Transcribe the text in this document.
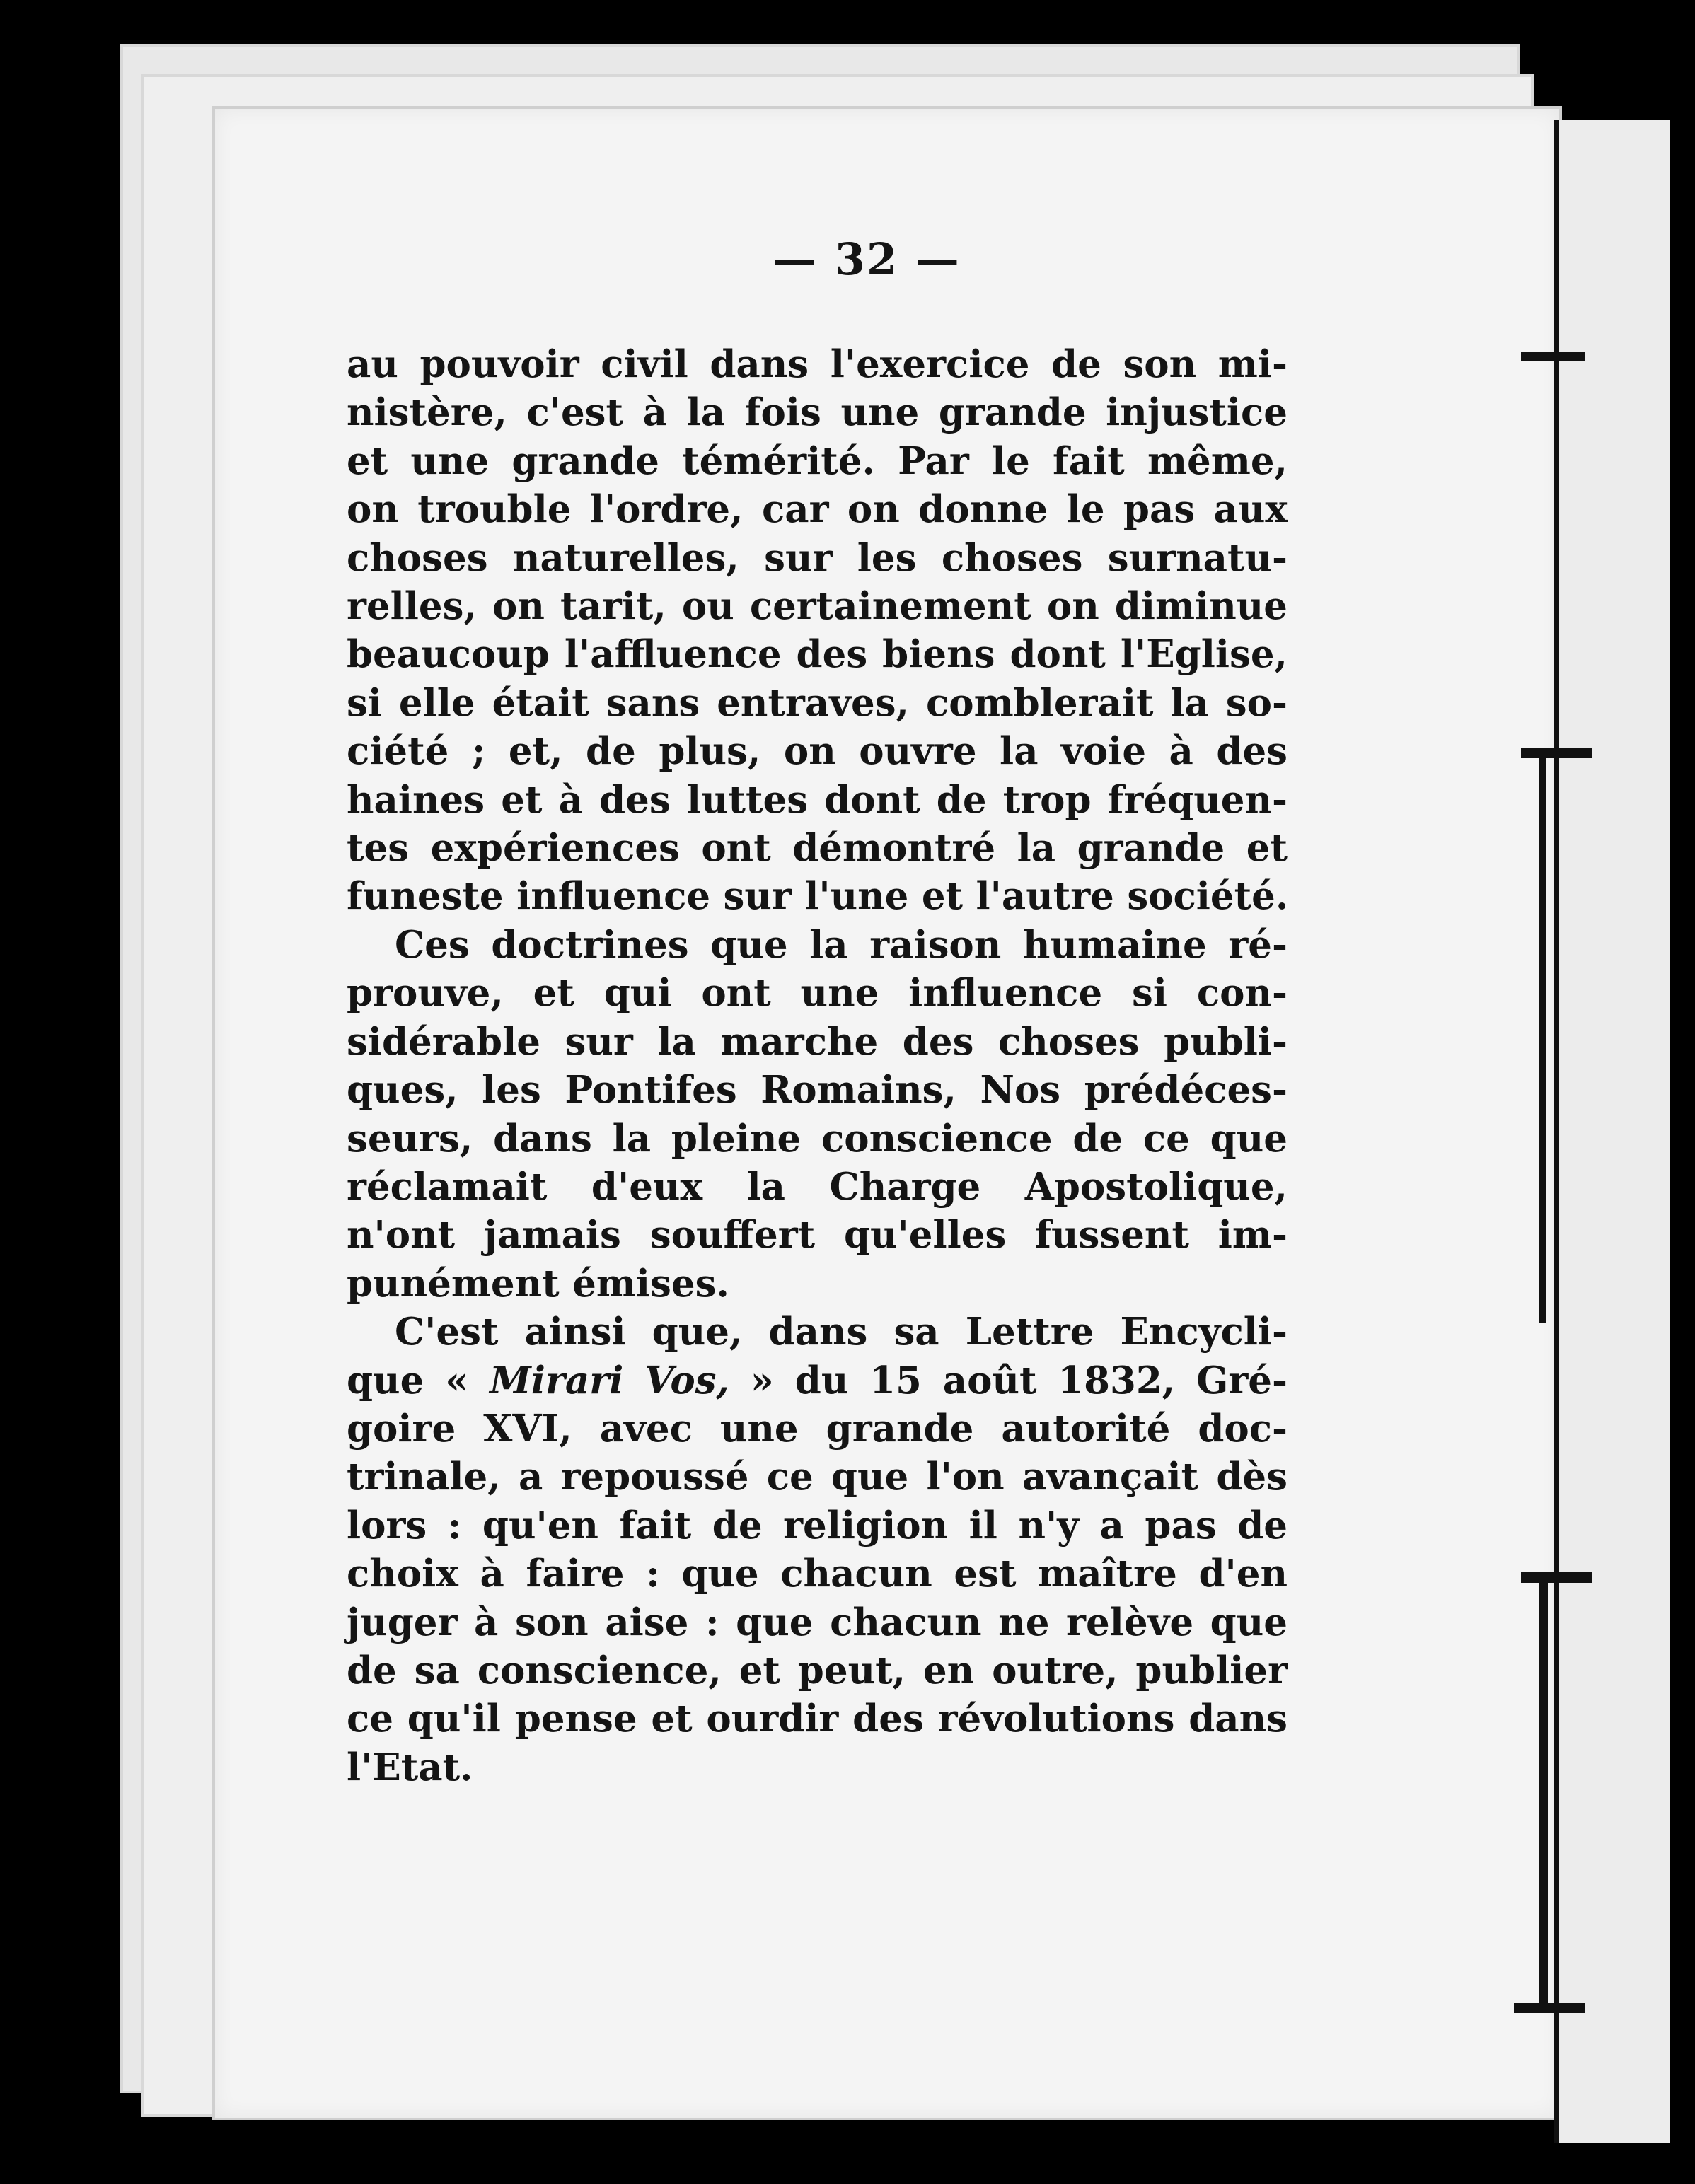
— 32 —

au pouvoir civil dans l'exercice de son mi-
nistère, c'est à la fois une grande injustice
et une grande témérité. Par le fait même,
on trouble l'ordre, car on donne le pas aux
choses naturelles, sur les choses surnatu-
relles, on tarit, ou certainement on diminue
beaucoup l'affluence des biens dont l'Eglise,
si elle était sans entraves, comblerait la so-
ciété ; et, de plus, on ouvre la voie à des
haines et à des luttes dont de trop fréquen-
tes expériences ont démontré la grande et
funeste influence sur l'une et l'autre société.

Ces doctrines que la raison humaine ré-
prouve, et qui ont une influence si con-
sidérable sur la marche des choses publi-
ques, les Pontifes Romains, Nos prédéces-
seurs, dans la pleine conscience de ce que
réclamait d'eux la Charge Apostolique,
n'ont jamais souffert qu'elles fussent im-
punément émises.

C'est ainsi que, dans sa Lettre Encycli-
que « Mirari Vos, » du 15 août 1832, Gré-
goire XVI, avec une grande autorité doc-
trinale, a repoussé ce que l'on avançait dès
lors : qu'en fait de religion il n'y a pas de
choix à faire : que chacun est maître d'en
juger à son aise : que chacun ne relève que
de sa conscience, et peut, en outre, publier
ce qu'il pense et ourdir des révolutions dans
l'Etat.
